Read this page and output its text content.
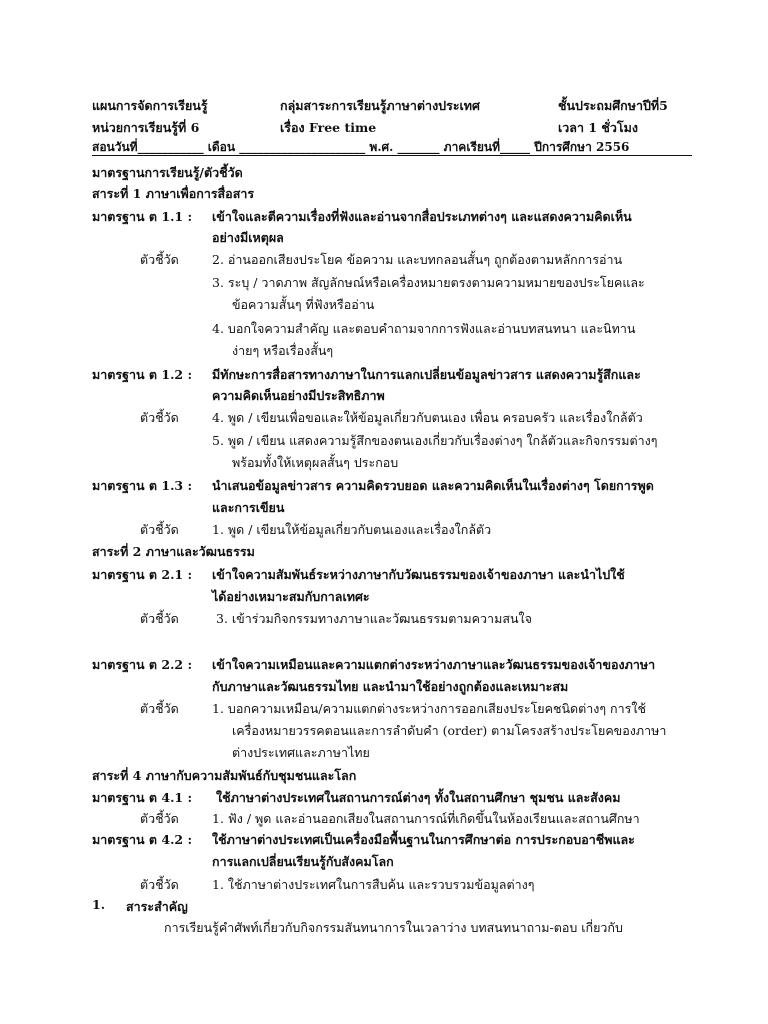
แผนการจัดการเรียนรู้	กลุ่มสาระการเรียนรู้ภาษาต่างประเทศ	ชั้นประถมศึกษาปีที่5
หน่วยการเรียนรู้ที่ 6	เรื่อง Free time	เวลา 1 ชั่วโมง
สอนวันที่___________ เดือน _____________________ พ.ศ. _______ ภาคเรียนที่_____ ปีการศึกษา 2556
มาตรฐานการเรียนรู้/ตัวชี้วัด
สาระที่ 1 ภาษาเพื่อการสื่อสาร
มาตรฐาน ต 1.1 : เข้าใจและตีความเรื่องที่ฟังและอ่านจากสื่อประเภทต่างๆ และแสดงความคิดเห็น
อย่างมีเหตุผล
ตัวชี้วัด	2. อ่านออกเสียงประโยค ข้อความ และบทกลอนสั้นๆ ถูกต้องตามหลักการอ่าน
3. ระบุ / วาดภาพ สัญลักษณ์หรือเครื่องหมายตรงตามความหมายของประโยคและ
ข้อความสั้นๆ ที่ฟังหรืออ่าน
4. บอกใจความสำคัญ และตอบคำถามจากการฟังและอ่านบทสนทนา และนิทาน
ง่ายๆ หรือเรื่องสั้นๆ
มาตรฐาน ต 1.2 : มีทักษะการสื่อสารทางภาษาในการแลกเปลี่ยนข้อมูลข่าวสาร แสดงความรู้สึกและ
ความคิดเห็นอย่างมีประสิทธิภาพ
ตัวชี้วัด	4. พูด / เขียนเพื่อขอและให้ข้อมูลเกี่ยวกับตนเอง เพื่อน ครอบครัว และเรื่องใกล้ตัว
5. พูด / เขียน แสดงความรู้สึกของตนเองเกี่ยวกับเรื่องต่างๆ ใกล้ตัวและกิจกรรมต่างๆ
พร้อมทั้งให้เหตุผลสั้นๆ ประกอบ
มาตรฐาน ต 1.3 : นำเสนอข้อมูลข่าวสาร ความคิดรวบยอด และความคิดเห็นในเรื่องต่างๆ โดยการพูด
และการเขียน
ตัวชี้วัด	1. พูด / เขียนให้ข้อมูลเกี่ยวกับตนเองและเรื่องใกล้ตัว
สาระที่ 2 ภาษาและวัฒนธรรม
มาตรฐาน ต 2.1 : เข้าใจความสัมพันธ์ระหว่างภาษากับวัฒนธรรมของเจ้าของภาษา และนำไปใช้
ได้อย่างเหมาะสมกับกาลเทศะ
ตัวชี้วัด	3. เข้าร่วมกิจกรรมทางภาษาและวัฒนธรรมตามความสนใจ
มาตรฐาน ต 2.2 : เข้าใจความเหมือนและความแตกต่างระหว่างภาษาและวัฒนธรรมของเจ้าของภาษา
กับภาษาและวัฒนธรรมไทย และนำมาใช้อย่างถูกต้องและเหมาะสม
ตัวชี้วัด	1. บอกความเหมือน/ความแตกต่างระหว่างการออกเสียงประโยคชนิดต่างๆ การใช้
เครื่องหมายวรรคตอนและการลำดับคำ (order) ตามโครงสร้างประโยคของภาษา
ต่างประเทศและภาษาไทย
สาระที่ 4 ภาษากับความสัมพันธ์กับชุมชนและโลก
มาตรฐาน ต 4.1 : ใช้ภาษาต่างประเทศในสถานการณ์ต่างๆ ทั้งในสถานศึกษา ชุมชน และสังคม
ตัวชี้วัด	1. ฟัง / พูด และอ่านออกเสียงในสถานการณ์ที่เกิดขึ้นในห้องเรียนและสถานศึกษา
มาตรฐาน ต 4.2 : ใช้ภาษาต่างประเทศเป็นเครื่องมือพื้นฐานในการศึกษาต่อ การประกอบอาชีพและ
การแลกเปลี่ยนเรียนรู้กับสังคมโลก
ตัวชี้วัด	1. ใช้ภาษาต่างประเทศในการสืบค้น และรวบรวมข้อมูลต่างๆ
1. สาระสำคัญ
การเรียนรู้คำศัพท์เกี่ยวกับกิจกรรมสันทนาการในเวลาว่าง บทสนทนาถาม-ตอบ เกี่ยวกับ
